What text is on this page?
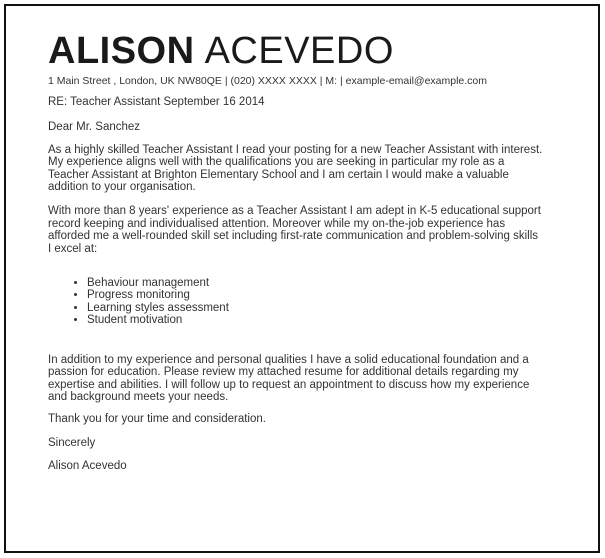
ALISON ACEVEDO
1 Main Street , London, UK NW80QE | (020) XXXX XXXX | M: | example-email@example.com

RE: Teacher Assistant September 16 2014

Dear Mr. Sanchez

As a highly skilled Teacher Assistant I read your posting for a new Teacher Assistant with interest.
My experience aligns well with the qualifications you are seeking in particular my role as a
Teacher Assistant at Brighton Elementary School and I am certain I would make a valuable
addition to your organisation.

With more than 8 years' experience as a Teacher Assistant I am adept in K-5 educational support
record keeping and individualised attention. Moreover while my on-the-job experience has
afforded me a well-rounded skill set including first-rate communication and problem-solving skills
I excel at:

• Behaviour management
• Progress monitoring
• Learning styles assessment
• Student motivation

In addition to my experience and personal qualities I have a solid educational foundation and a
passion for education. Please review my attached resume for additional details regarding my
expertise and abilities. I will follow up to request an appointment to discuss how my experience
and background meets your needs.

Thank you for your time and consideration.

Sincerely

Alison Acevedo
